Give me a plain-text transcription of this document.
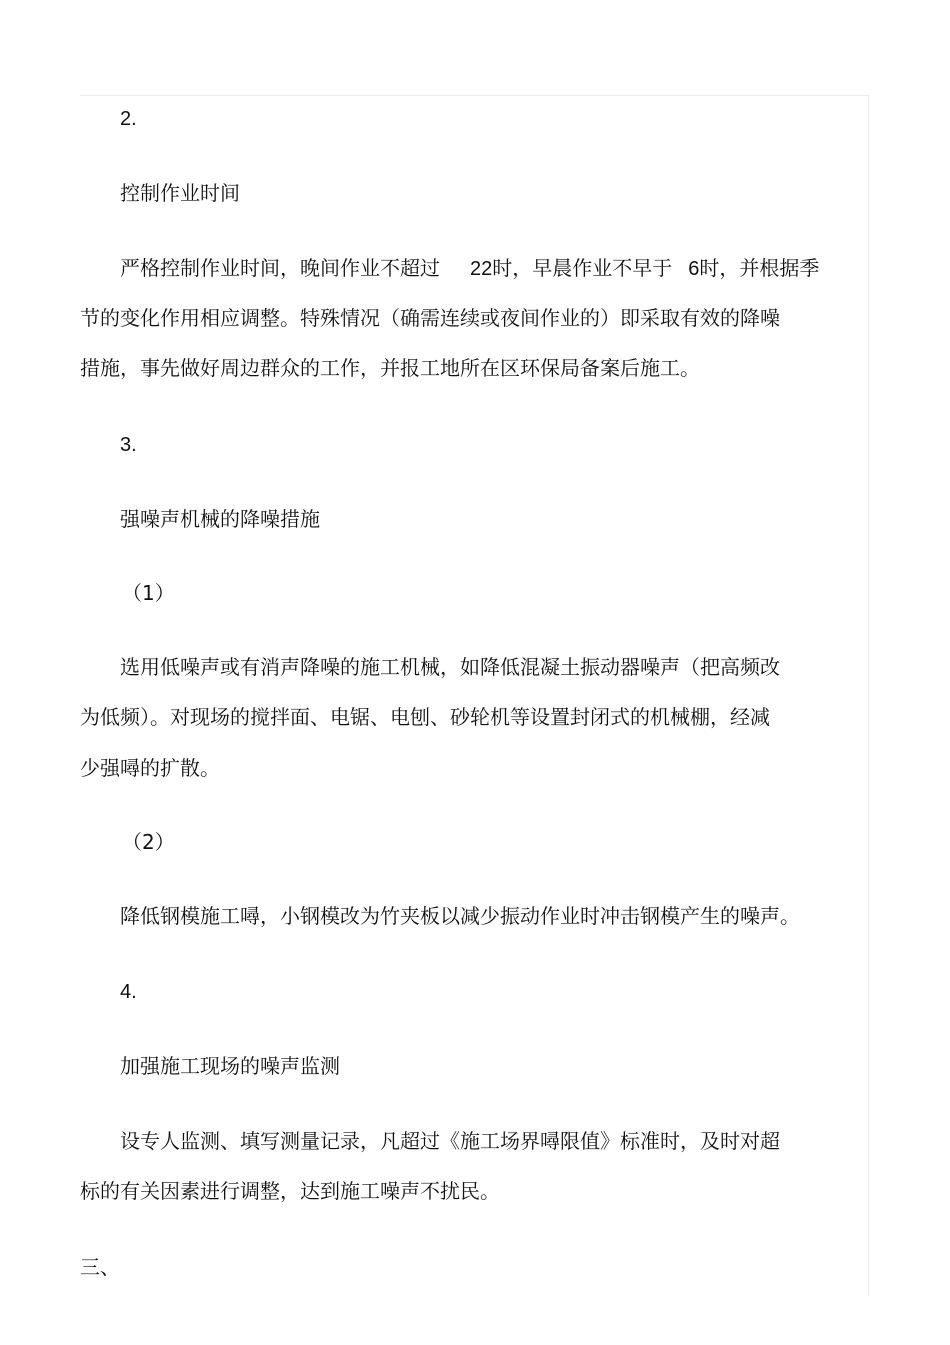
2.

控制作业时间

严格控制作业时间，晚间作业不超过 22时，早晨作业不早于 6时，并根据季

节的变化作用相应调整。特殊情况（确需连续或夜间作业的）即采取有效的降噪

措施，事先做好周边群众的工作，并报工地所在区环保局备案后施工。

3.

强噪声机械的降噪措施

（1）

选用低噪声或有消声降噪的施工机械，如降低混凝土振动器噪声（把高频改

为低频）。对现场的搅拌面、电锯、电刨、砂轮机等设置封闭式的机械棚，经减

少强噚的扩散。

（2）

降低钢模施工噚，小钢模改为竹夹板以减少振动作业时冲击钢模产生的噪声。

4.

加强施工现场的噪声监测

设专人监测、填写测量记录，凡超过《施工场界噚限值》标准时，及时对超

标的有关因素进行调整，达到施工噪声不扰民。

三、
